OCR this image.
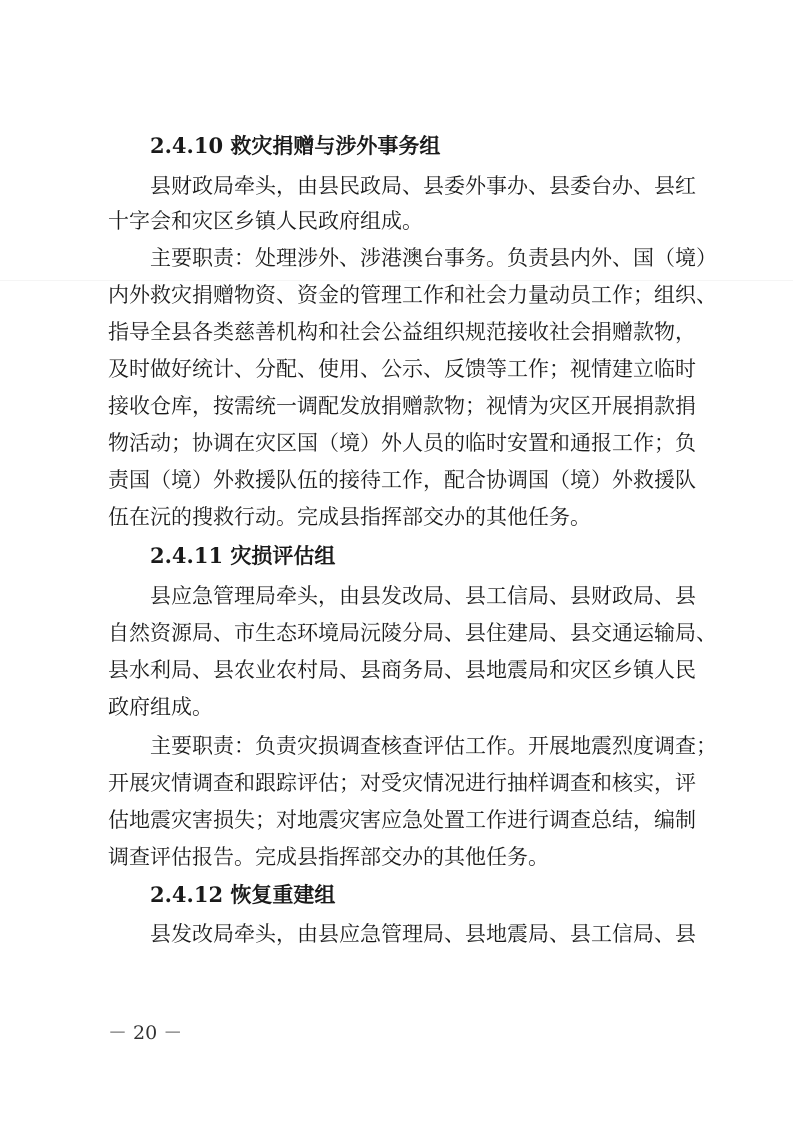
2.4.10 救灾捐赠与涉外事务组
县财政局牵头，由县民政局、县委外事办、县委台办、县红
十字会和灾区乡镇人民政府组成。
主要职责：处理涉外、涉港澳台事务。负责县内外、国（境）
内外救灾捐赠物资、资金的管理工作和社会力量动员工作；组织、
指导全县各类慈善机构和社会公益组织规范接收社会捐赠款物，
及时做好统计、分配、使用、公示、反馈等工作；视情建立临时
接收仓库，按需统一调配发放捐赠款物；视情为灾区开展捐款捐
物活动；协调在灾区国（境）外人员的临时安置和通报工作；负
责国（境）外救援队伍的接待工作，配合协调国（境）外救援队
伍在沅的搜救行动。完成县指挥部交办的其他任务。
2.4.11 灾损评估组
县应急管理局牵头，由县发改局、县工信局、县财政局、县
自然资源局、市生态环境局沅陵分局、县住建局、县交通运输局、
县水利局、县农业农村局、县商务局、县地震局和灾区乡镇人民
政府组成。
主要职责：负责灾损调查核查评估工作。开展地震烈度调查；
开展灾情调查和跟踪评估；对受灾情况进行抽样调查和核实，评
估地震灾害损失；对地震灾害应急处置工作进行调查总结，编制
调查评估报告。完成县指挥部交办的其他任务。
2.4.12 恢复重建组
县发改局牵头，由县应急管理局、县地震局、县工信局、县
－ 20 －
